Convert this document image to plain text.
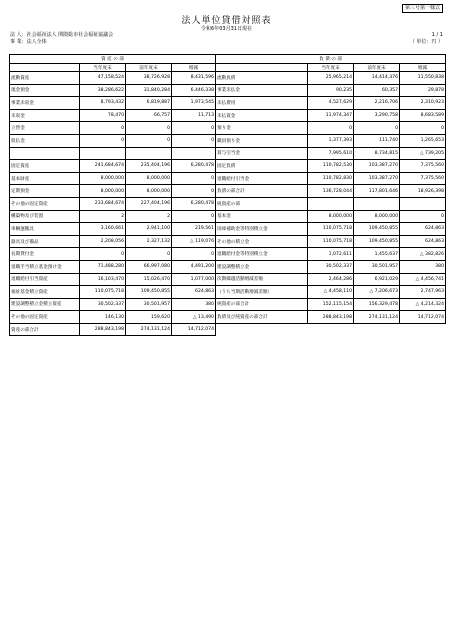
第三号第一様式
法人単位貸借対照表
令和6年03月31日現在
法 人：社会福祉法人 関隈総市社会福祉協議会
事 業：法人全体
1 / 1
（ 単位：円 ）
資 産 の 部				負 債 の 部			
	当年度末	前年度末	増減		当年度末	前年度末	増減
流動資産	47,158,524	38,726,928	8,431,596	流動負債	25,965,214	14,414,376	11,550,838
現金預金	38,286,622	31,840,284	6,446,338	事業未払金	90,235	60,357	29,878
事業未収金	8,793,432	6,819,887	1,973,545	未払費用	4,527,629	2,216,706	2,310,923
未収金	78,470	66,757	11,713	未払賞金	11,974,347	3,290,758	8,683,589
立替金	0	0	0	預り金	0	0	0
仮払金	0	0	0	職員預り金	1,377,393	111,740	1,265,653
				賞与引当金	7,995,610	8,734,815	△ 739,205
固定資産	241,684,674	235,404,196	6,280,478	固定負債	110,782,530	103,387,270	7,375,560
基本財産	8,000,000	8,000,000	0	退職給付引当金	110,782,830	103,387,270	7,375,560
定期預金	8,000,000	8,000,000	0	負債の部合計	136,728,044	117,801,646	18,926,398
その他の固定資産	233,684,674	227,404,196	6,280,478	純資産の部			
構築物及び装置	2	2	0	基本金	8,000,000	8,000,000	0
車輌運搬具	3,160,661	2,941,100	219,561	国庫補助金等特別積立金	110,075,718	109,450,855	624,863
器具及び備品	2,208,056	2,327,132	△ 119,076	その他の積立金	110,075,718	109,450,855	624,863
長期貸付金	0	0	0	退職給付金等特別積立金	1,072,611	1,455,637	△ 382,826
退職手当積立基金預け金	71,488,280	66,997,080	4,491,200	建設調整積立金	30,502,337	30,501,957	380
退職給付引当資産	16,103,470	15,026,470	1,077,000	次期繰越活動増減差額	2,464,286	6,921,029	△ 4,456,741
福祉基金積立資産	110,075,718	109,450,855	624,863	（うち当期活動増減差額）	△ 4,458,110	△ 7,206,673	2,747,963
建設調整積立金積立資産	30,502,337	30,501,957	380	純資産の部合計	152,115,154	156,329,478	△ 4,214,324
その他の固定資産	146,130	159,620	△ 13,490	負債及び純資産の部合計	288,843,198	274,131,124	14,712,074
資産の部合計	288,843,198	274,131,124	14,712,074				
